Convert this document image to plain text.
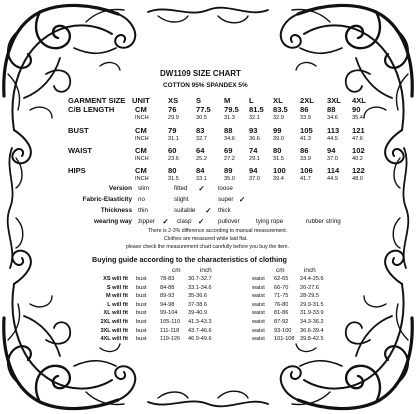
DW1109 SIZE CHART
COTTON 95% SPANDEX 5%
GARMENT SIZE
C/B LENGTH
UNIT XS S	M L	XL 2XL 3XL 4XL
CM	76	77.5 79.5 81.5 83.5 86 88 90
INCH	29.9	30.5	31.3	32.1 32.9	33.9	34.6	35.4
BUST	CM	79	83	88 93 99 105 113 121
INCH	31.1	32.7	34.6	36.6 39.0	41.3	44.5	47.6
WAIST	CM	60	64	69 74 80 86 94 102
INCH	23.6	25.2	27.2	29.1 31.5	33.9	37.0	40.2
HIPS	CM	80	84	89 94 100 106 114 122
INCH	31.5	33.1	35.0	37.0 39.4	41.7	44.9	48.0
Version slim	fitted ✓ loose
Fabric-Elasticity no	slight	super ✓
Thickness thin	suitable ✓ thick
wearing way zipper ✓ clasp ✓ pullover	tying rope	rubber string
There is 2-3% difference according to manual measurement.
Clothes are measured while laid flat.
please check the measurement chart carefully before you buy the item.
Buying guide according to the characteristics of clothing
cm	inch	cm	inch
XS will fit bust 78-83 30.7-32.7	waist 62-65 24.4-25.6
S will fit bust 84-88 33.1-34.6	waist 66-70 26-27.6
M will fit bust 89-93 35-36.6	waist 71-75 28-29.5
L will fit bust 94-98 37-38.6	waist 76-80 29.9-31.5
XL will fit bust 99-104 39-40.9	waist 81-86 31.9-33.9
2XL will fit bust 105-110 41.3-43.3	waist 87-92 34.3-36.2
3XL will fit bust 111-118 43.7-46.6	waist 93-100 36.6-39.4
4XL will fit bust 119-126 46.9-49.6	waist 101-108 39.8-42.5
